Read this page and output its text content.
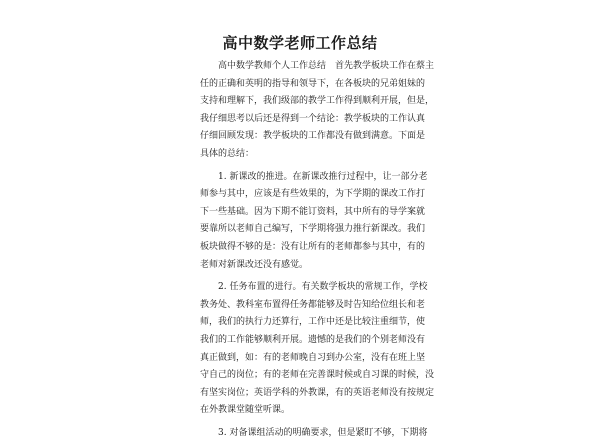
高中数学老师工作总结
高中数学教师个人工作总结　首先教学板块工作在蔡主
任的正确和英明的指导和领导下，在各板块的兄弟姐妹的
支持和理解下，我们级部的教学工作得到顺利开展，但是，
我仔细思考以后还是得到一个结论：教学板块的工作认真
仔细回顾发现：教学板块的工作都没有做到满意。下面是
具体的总结：
1. 新课改的推进。在新课改推行过程中，让一部分老
师参与其中，应该是有些效果的，为下学期的课改工作打
下一些基础。因为下期不能订资料，其中所有的导学案就
要靠所以老师自己编写，下学期将强力推行新课改。我们
板块做得不够的是：没有让所有的老师都参与其中，有的
老师对新课改还没有感觉。
2. 任务布置的进行。有关数学板块的常规工作，学校
教务处、教科室布置得任务都能够及时告知给位组长和老
师，我们的执行力还算行，工作中还是比较注重细节，使
我们的工作能够顺利开展。遗憾的是我们的个别老师没有
真正做到，如：有的老师晚自习到办公室，没有在班上坚
守自己的岗位；有的老师在完善课时候或自习课的时候，没
有坚实岗位；英语学科的外教课，有的英语老师没有按规定
在外教课堂随堂听课。
3. 对备课组活动的明确要求，但是紧盯不够，下期将
